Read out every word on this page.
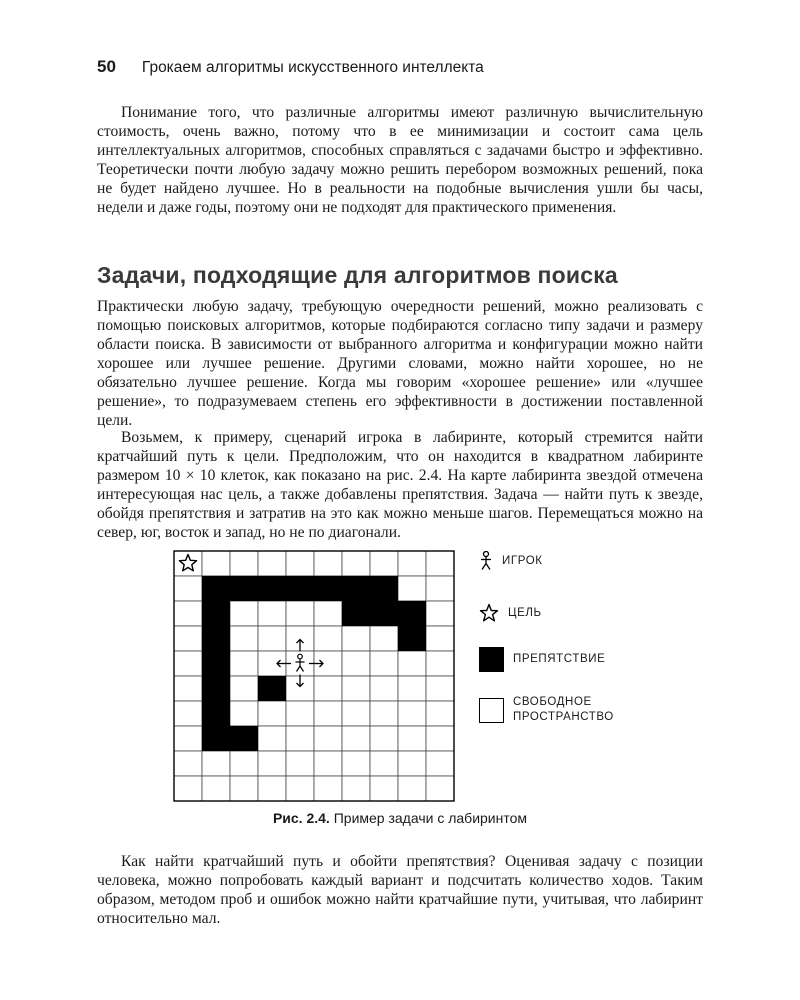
50 Грокаем алгоритмы искусственного интеллекта

Понимание того, что различные алгоритмы имеют различную вычислительную стоимость, очень важно, потому что в ее минимизации и состоит сама цель интеллектуальных алгоритмов, способных справляться с задачами быстро и эффективно. Теоретически почти любую задачу можно решить перебором возможных решений, пока не будет найдено лучшее. Но в реальности на подобные вычисления ушли бы часы, недели и даже годы, поэтому они не подходят для практического применения.

Задачи, подходящие для алгоритмов поиска

Практически любую задачу, требующую очередности решений, можно реализовать с помощью поисковых алгоритмов, которые подбираются согласно типу задачи и размеру области поиска. В зависимости от выбранного алгоритма и конфигурации можно найти хорошее или лучшее решение. Другими словами, можно найти хорошее, но не обязательно лучшее решение. Когда мы говорим «хорошее решение» или «лучшее решение», то подразумеваем степень его эффективности в достижении поставленной цели.

Возьмем, к примеру, сценарий игрока в лабиринте, который стремится найти кратчайший путь к цели. Предположим, что он находится в квадратном лабиринте размером 10 × 10 клеток, как показано на рис. 2.4. На карте лабиринта звездой отмечена интересующая нас цель, а также добавлены препятствия. Задача — найти путь к звезде, обойдя препятствия и затратив на это как можно меньше шагов. Перемещаться можно на север, юг, восток и запад, но не по диагонали.

ИГРОК
ЦЕЛЬ
ПРЕПЯТСТВИЕ
СВОБОДНОЕ
ПРОСТРАНСТВО
Рис. 2.4. Пример задачи с лабиринтом

Как найти кратчайший путь и обойти препятствия? Оценивая задачу с позиции человека, можно попробовать каждый вариант и подсчитать количество ходов. Таким образом, методом проб и ошибок можно найти кратчайшие пути, учитывая, что лабиринт относительно мал.
